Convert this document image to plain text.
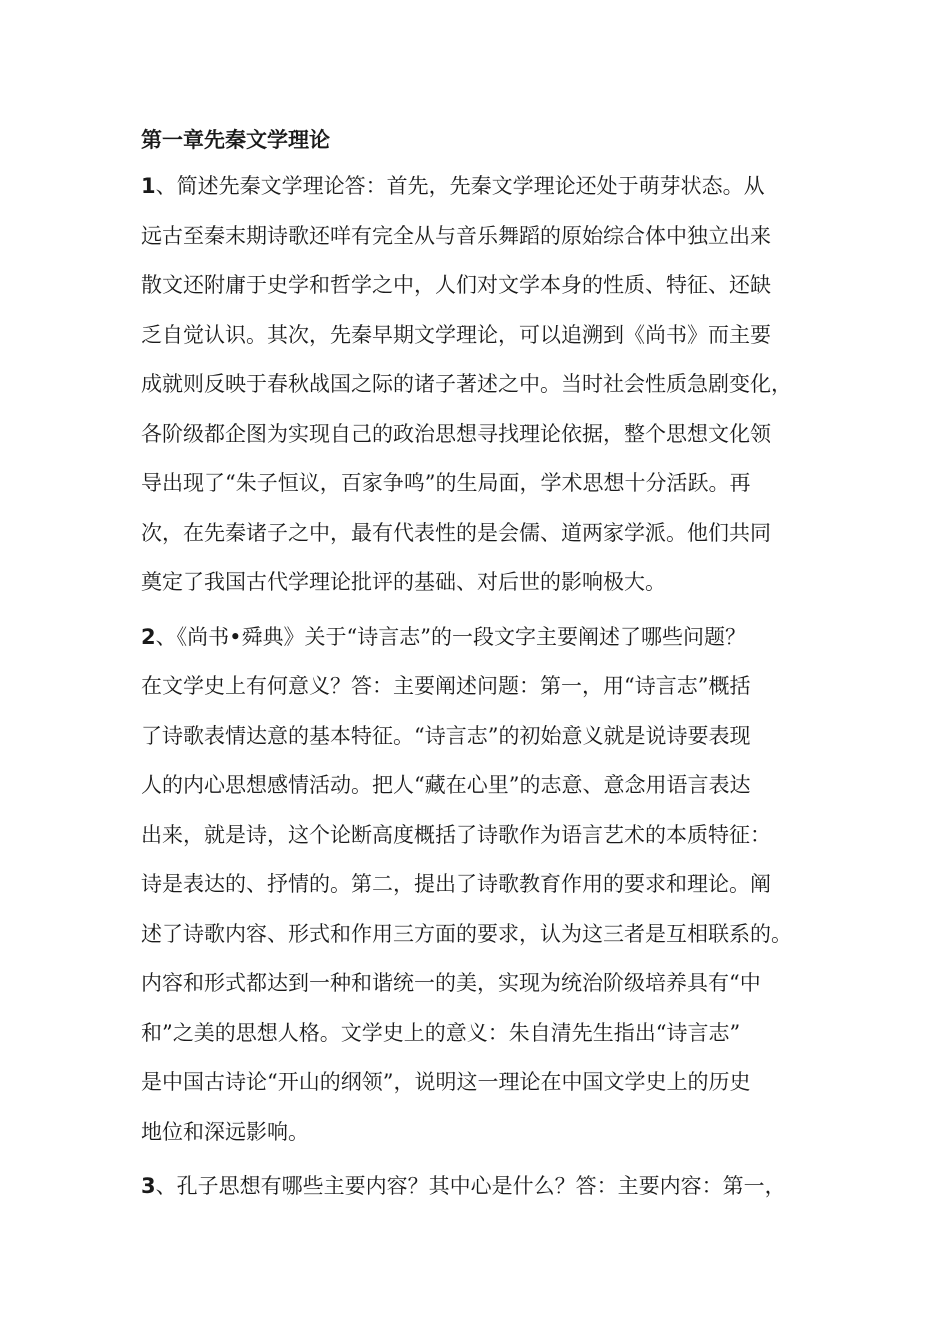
第一章先秦文学理论
1、简述先秦文学理论答：首先，先秦文学理论还处于萌芽状态。从
远古至秦末期诗歌还咩有完全从与音乐舞蹈的原始综合体中独立出来
散文还附庸于史学和哲学之中，人们对文学本身的性质、特征、还缺
乏自觉认识。其次，先秦早期文学理论，可以追溯到《尚书》而主要
成就则反映于春秋战国之际的诸子著述之中。当时社会性质急剧变化，
各阶级都企图为实现自己的政治思想寻找理论依据，整个思想文化领
导出现了“朱子恒议，百家争鸣”的生局面，学术思想十分活跃。再
次，在先秦诸子之中，最有代表性的是会儒、道两家学派。他们共同
奠定了我国古代学理论批评的基础、对后世的影响极大。
2、《尚书•舜典》关于“诗言志”的一段文字主要阐述了哪些问题？
在文学史上有何意义？答：主要阐述问题：第一，用“诗言志”概括
了诗歌表情达意的基本特征。“诗言志”的初始意义就是说诗要表现
人的内心思想感情活动。把人“藏在心里”的志意、意念用语言表达
出来，就是诗，这个论断高度概括了诗歌作为语言艺术的本质特征：
诗是表达的、抒情的。第二，提出了诗歌教育作用的要求和理论。阐
述了诗歌内容、形式和作用三方面的要求，认为这三者是互相联系的。
内容和形式都达到一种和谐统一的美，实现为统治阶级培养具有“中
和”之美的思想人格。文学史上的意义：朱自清先生指出“诗言志”
是中国古诗论“开山的纲领”，说明这一理论在中国文学史上的历史
地位和深远影响。
3、孔子思想有哪些主要内容？其中心是什么？答：主要内容：第一，
